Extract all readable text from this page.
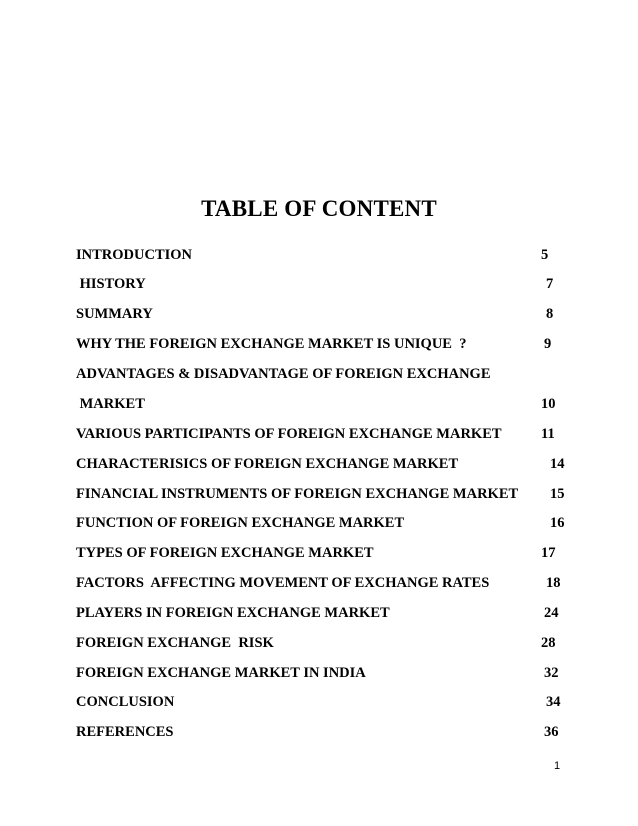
TABLE OF CONTENT
INTRODUCTION	5
HISTORY	7
SUMMARY	8
WHY THE FOREIGN EXCHANGE MARKET IS UNIQUE  ?	9
ADVANTAGES & DISADVANTAGE OF FOREIGN EXCHANGE
MARKET	10
VARIOUS PARTICIPANTS OF FOREIGN EXCHANGE MARKET	11
CHARACTERISICS OF FOREIGN EXCHANGE MARKET	14
FINANCIAL INSTRUMENTS OF FOREIGN EXCHANGE MARKET 15
FUNCTION OF FOREIGN EXCHANGE MARKET	16
TYPES OF FOREIGN EXCHANGE MARKET	17
FACTORS  AFFECTING MOVEMENT OF EXCHANGE RATES	18
PLAYERS IN FOREIGN EXCHANGE MARKET	24
FOREIGN EXCHANGE  RISK	28
FOREIGN EXCHANGE MARKET IN INDIA	32
CONCLUSION	34
REFERENCES	36
1
